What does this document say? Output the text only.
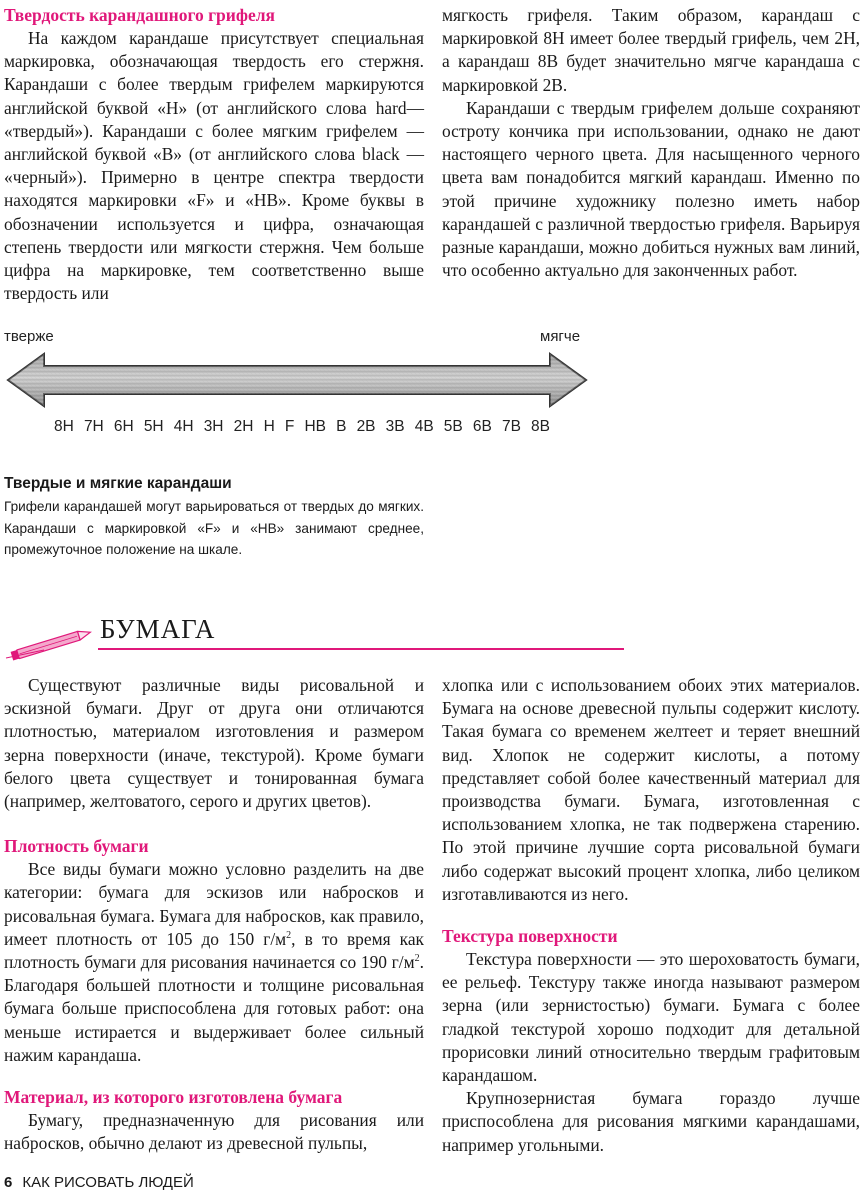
Твердость карандашного грифеля

На каждом карандаше присутствует специальная маркировка, обозначающая твердость его стержня. Карандаши с более твердым грифелем маркируются английской буквой «H» (от английского слова hard— «твердый»). Карандаши с более мягким грифелем — английской буквой «B» (от английского слова black — «черный»). Примерно в центре спектра твердости находятся маркировки «F» и «HB». Кроме буквы в обозначении используется и цифра, означающая степень твердости или мягкости стержня. Чем больше цифра на маркировке, тем соответственно выше твердость или

мягкость грифеля. Таким образом, карандаш с маркировкой 8H имеет более твердый грифель, чем 2H, а карандаш 8B будет значительно мягче карандаша с маркировкой 2B.

Карандаши с твердым грифелем дольше сохраняют остроту кончика при использовании, однако не дают настоящего черного цвета. Для насыщенного черного цвета вам понадобится мягкий карандаш. Именно по этой причине художнику полезно иметь набор карандашей с различной твердостью грифеля. Варьируя разные карандаши, можно добиться нужных вам линий, что особенно актуально для законченных работ.

тверже	мягче
8H 7H 6H 5H 4H 3H 2H H F HB B 2B 3B 4B 5B 6B 7B 8B
Твердые и мягкие карандаши
Грифели карандашей могут варьироваться от твердых до мягких. Карандаши с маркировкой «F» и «HB» занимают среднее, промежуточное положение на шкале.
БУМАГА

Существуют различные виды рисовальной и эскизной бумаги. Друг от друга они отличаются плотностью, материалом изготовления и размером зерна поверхности (иначе, текстурой). Кроме бумаги белого цвета существует и тонированная бумага (например, желтоватого, серого и других цветов).

Плотность бумаги

Все виды бумаги можно условно разделить на две категории: бумага для эскизов или набросков и рисовальная бумага. Бумага для набросков, как правило, имеет плотность от 105 до 150 $г/м^2$, в то время как плотность бумаги для рисования начинается со 190 $г/м^2$. Благодаря большей плотности и толщине рисовальная бумага больше приспособлена для готовых работ: она меньше истирается и выдерживает более сильный нажим карандаша.

Материал, из которого изготовлена бумага

Бумагу, предназначенную для рисования или набросков, обычно делают из древесной пульпы,

хлопка или с использованием обоих этих материалов. Бумага на основе древесной пульпы содержит кислоту. Такая бумага со временем желтеет и теряет внешний вид. Хлопок не содержит кислоты, а потому представляет собой более качественный материал для производства бумаги. Бумага, изготовленная с использованием хлопка, не так подвержена старению. По этой причине лучшие сорта рисовальной бумаги либо содержат высокий процент хлопка, либо целиком изготавливаются из него.

Текстура поверхности

Текстура поверхности — это шероховатость бумаги, ее рельеф. Текстуру также иногда называют размером зерна (или зернистостью) бумаги. Бумага с более гладкой текстурой хорошо подходит для детальной прорисовки линий относительно твердым графитовым карандашом.

Крупнозернистая бумага гораздо лучше приспособлена для рисования мягкими карандашами, например угольными.

6 КАК РИСОВАТЬ ЛЮДЕЙ
